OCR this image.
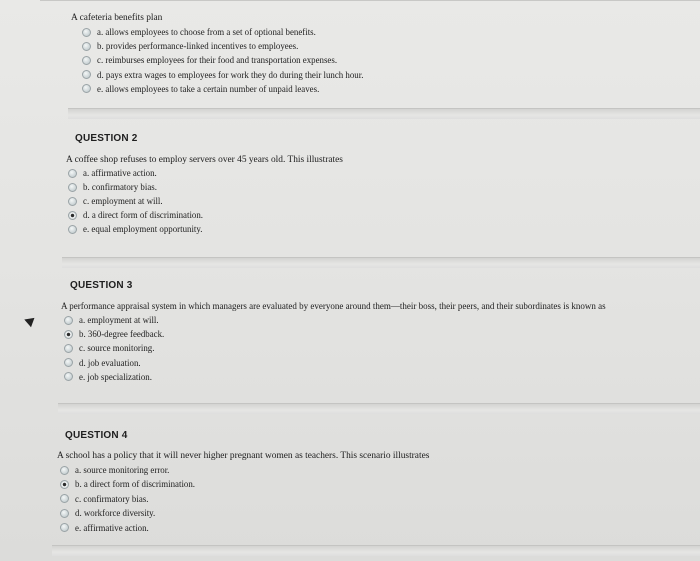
A cafeteria benefits plan
a. allows employees to choose from a set of optional benefits.
b. provides performance-linked incentives to employees.
c. reimburses employees for their food and transportation expenses.
d. pays extra wages to employees for work they do during their lunch hour.
e. allows employees to take a certain number of unpaid leaves.
QUESTION 2
A coffee shop refuses to employ servers over 45 years old. This illustrates
a. affirmative action.
b. confirmatory bias.
c. employment at will.
d. a direct form of discrimination.
e. equal employment opportunity.
QUESTION 3
A performance appraisal system in which managers are evaluated by everyone around them—their boss, their peers, and their subordinates is known as
a. employment at will.
b. 360-degree feedback.
c. source monitoring.
d. job evaluation.
e. job specialization.
QUESTION 4
A school has a policy that it will never higher pregnant women as teachers. This scenario illustrates
a. source monitoring error.
b. a direct form of discrimination.
c. confirmatory bias.
d. workforce diversity.
e. affirmative action.
